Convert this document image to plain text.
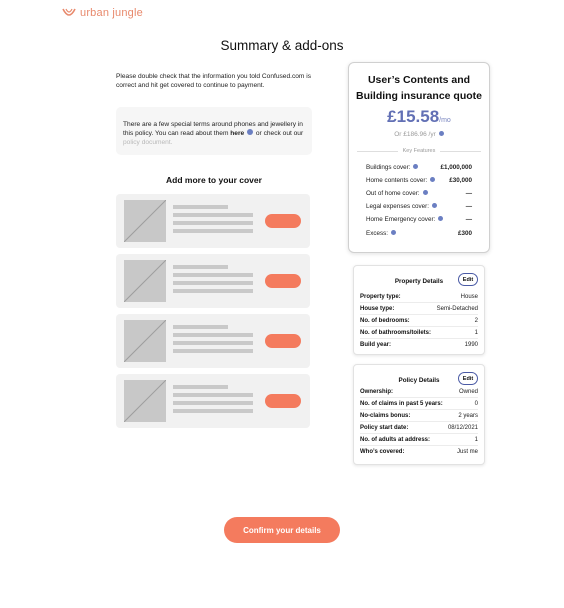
urban jungle
Summary & add-ons
Please double check that the information you told Confused.com is correct and hit get covered to continue to payment.
There are a few special terms around phones and jewellery in this policy. You can read about them here  or check out our policy document.
Add more to your cover
User’s Contents and Building insurance quote
£15.58/mo
Or £186.96 /yr
Key Features
Buildings cover:	£1,000,000
Home contents cover:	£30,000
Out of home cover:	—
Legal expenses cover:	—
Home Emergency cover:	—
Excess:	£300
Property Details	Edit
Property type:	House
House type:	Semi-Detached
No. of bedrooms:	2
No. of bathrooms/toilets:	1
Build year:	1990
Policy Details	Edit
Ownership:	Owned
No. of claims in past 5 years:	0
No-claims bonus:	2 years
Policy start date:	08/12/2021
No. of adults at address:	1
Who’s covered:	Just me
Confirm your details
